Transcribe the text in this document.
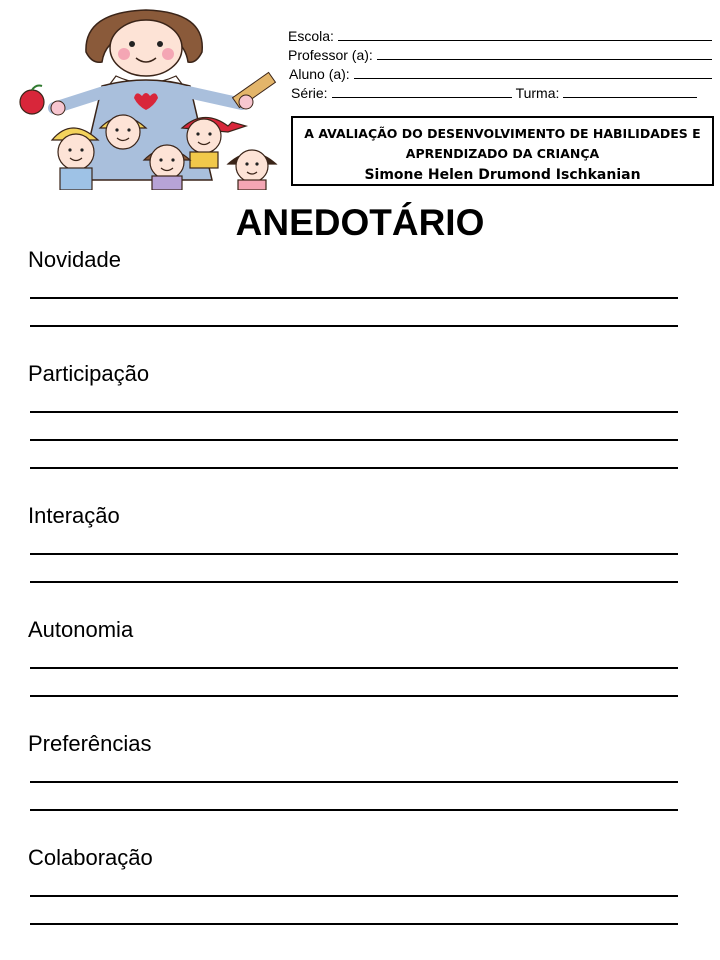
Escola:
Professor (a):
Aluno (a):
Série:	Turma:
A AVALIAÇÃO DO DESENVOLVIMENTO DE HABILIDADES E
APRENDIZADO DA CRIANÇA
Simone Helen Drumond Ischkanian
ANEDOTÁRIO
Novidade
Participação
Interação
Autonomia
Preferências
Colaboração
